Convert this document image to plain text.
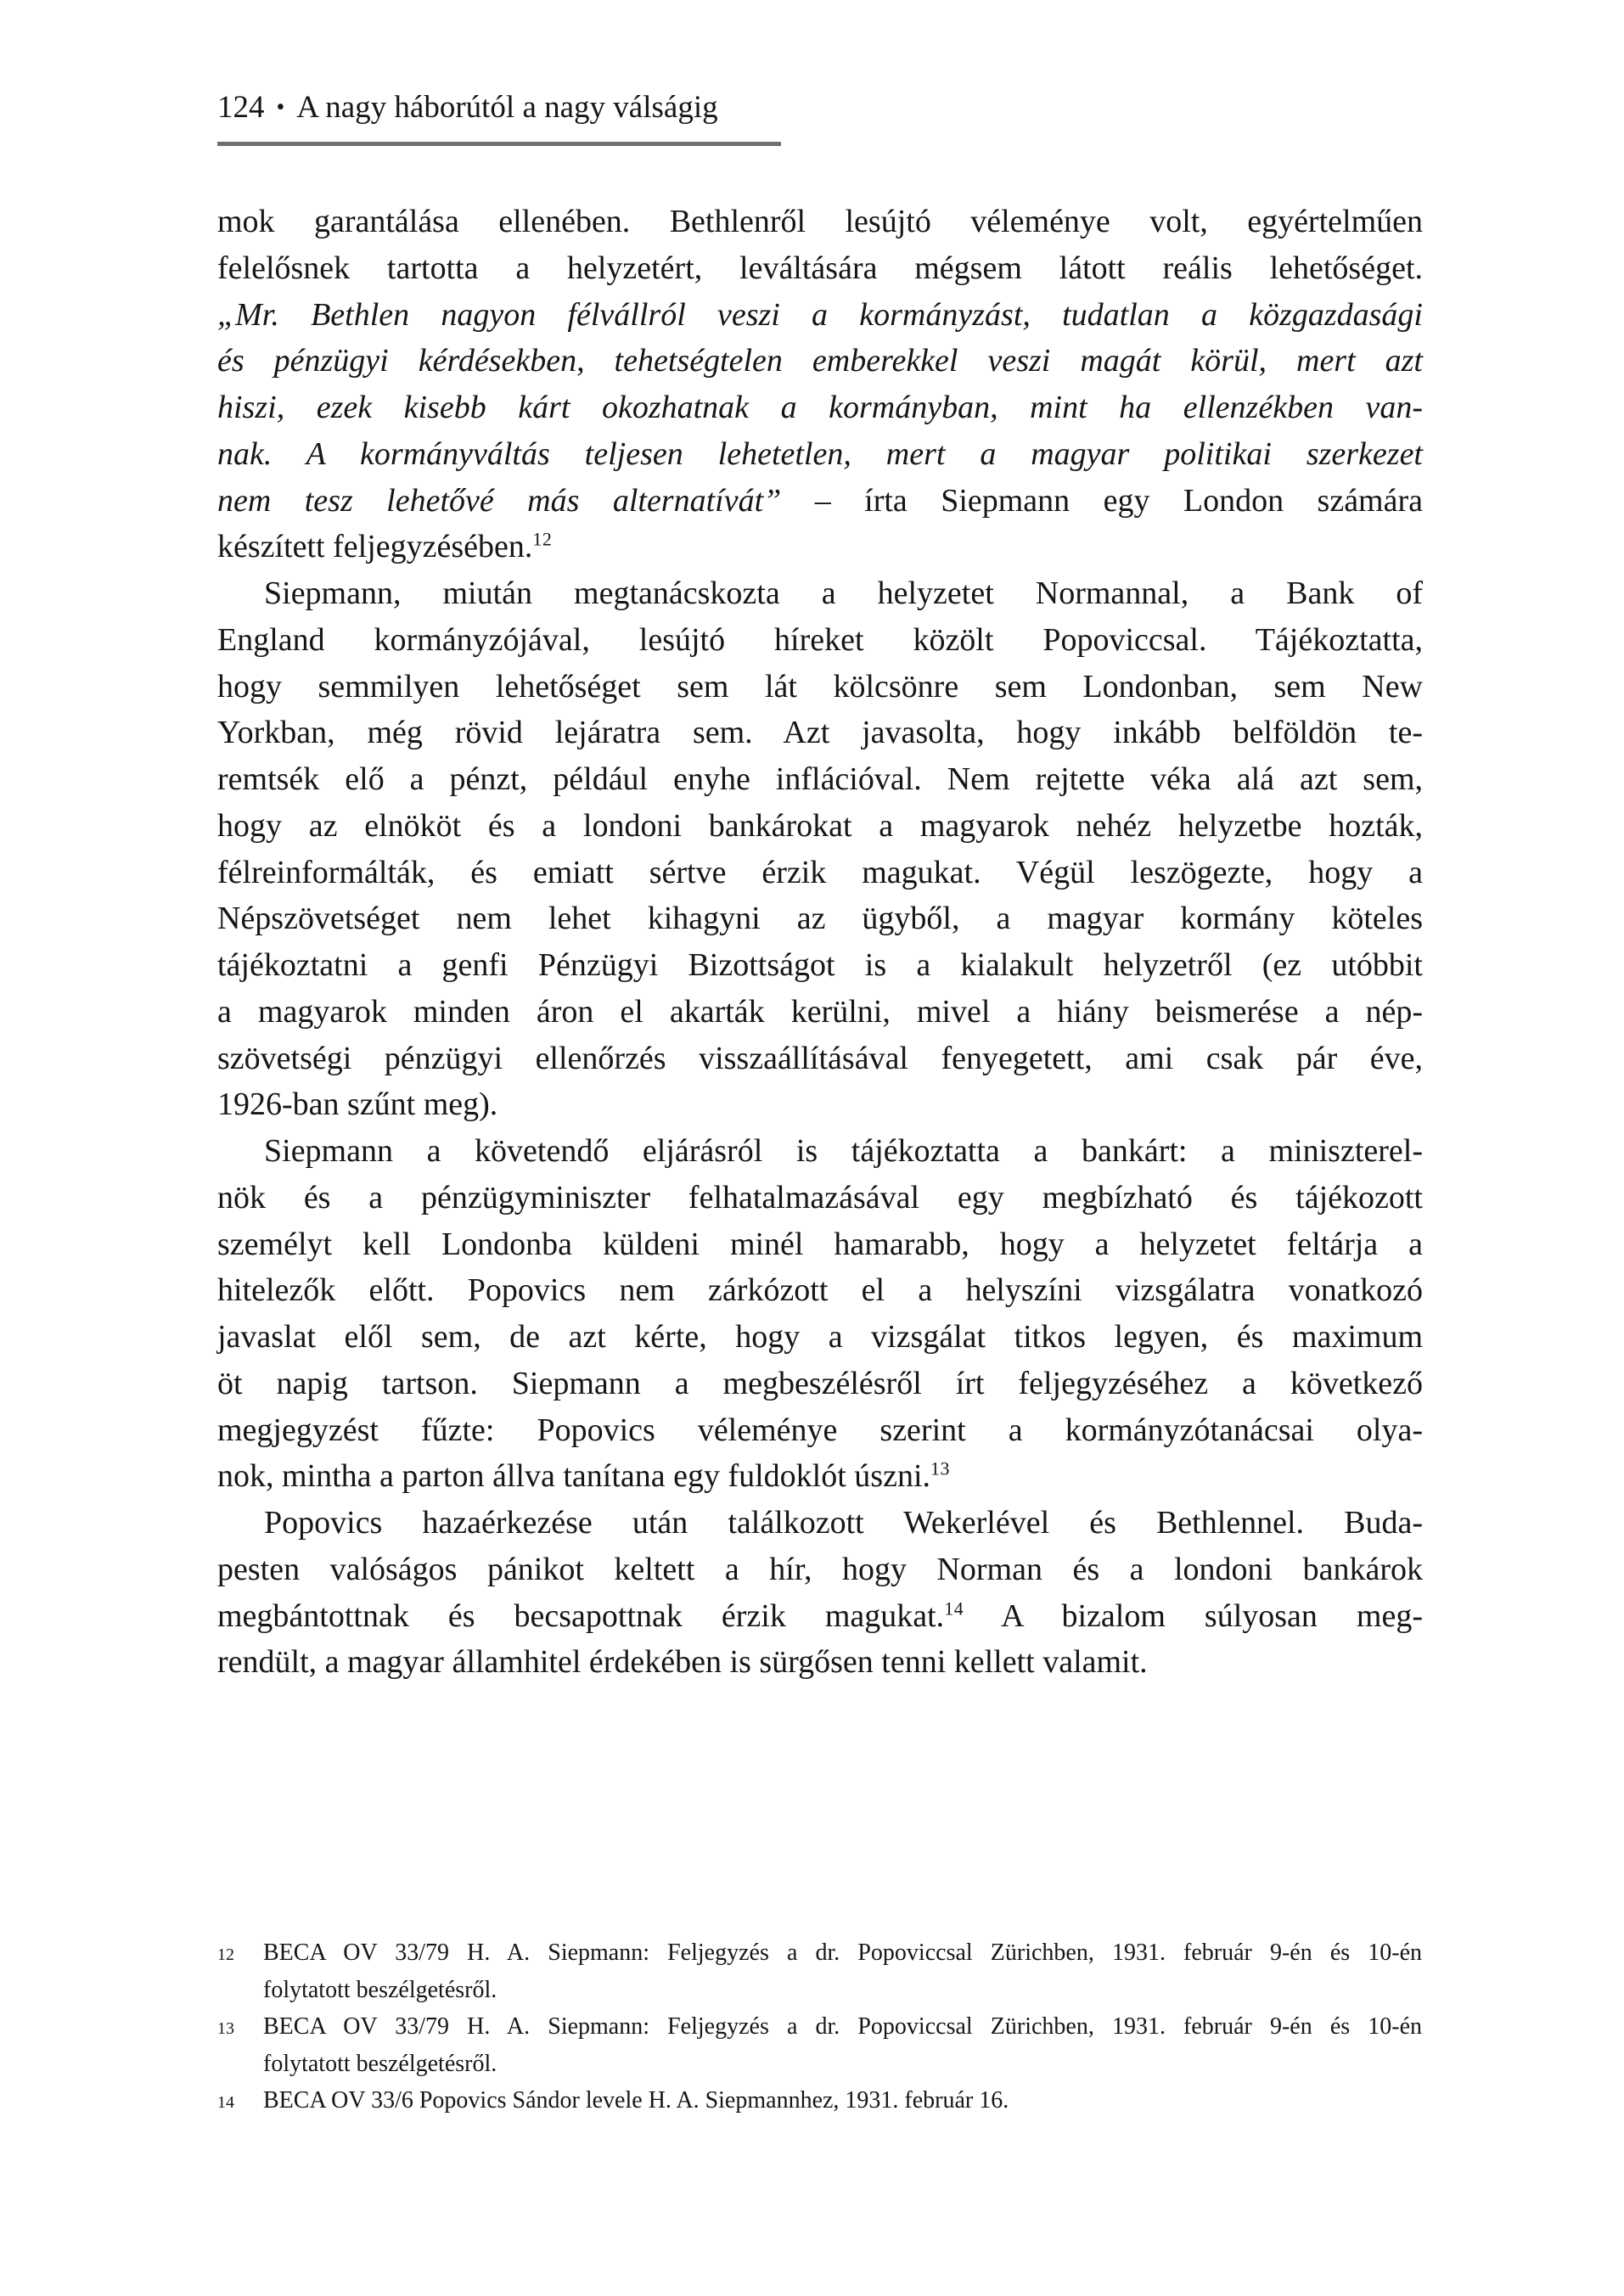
124 • A nagy háborútól a nagy válságig
mok garantálása ellenében. Bethlenről lesújtó véleménye volt, egyértelműen
felelősnek tartotta a helyzetért, leváltására mégsem látott reális lehetőséget.
„Mr. Bethlen nagyon félvállról veszi a kormányzást, tudatlan a közgazdasági
és pénzügyi kérdésekben, tehetségtelen emberekkel veszi magát körül, mert azt
hiszi, ezek kisebb kárt okozhatnak a kormányban, mint ha ellenzékben van-
nak. A kormányváltás teljesen lehetetlen, mert a magyar politikai szerkezet
nem tesz lehetővé más alternatívát” – írta Siepmann egy London számára
készített feljegyzésében.$^{12}$
Siepmann, miután megtanácskozta a helyzetet Normannal, a Bank of
England kormányzójával, lesújtó híreket közölt Popoviccsal. Tájékoztatta,
hogy semmilyen lehetőséget sem lát kölcsönre sem Londonban, sem New
Yorkban, még rövid lejáratra sem. Azt javasolta, hogy inkább belföldön te-
remtsék elő a pénzt, például enyhe inflációval. Nem rejtette véka alá azt sem,
hogy az elnököt és a londoni bankárokat a magyarok nehéz helyzetbe hozták,
félreinformálták, és emiatt sértve érzik magukat. Végül leszögezte, hogy a
Népszövetséget nem lehet kihagyni az ügyből, a magyar kormány köteles
tájékoztatni a genfi Pénzügyi Bizottságot is a kialakult helyzetről (ez utóbbit
a magyarok minden áron el akarták kerülni, mivel a hiány beismerése a nép-
szövetségi pénzügyi ellenőrzés visszaállításával fenyegetett, ami csak pár éve,
1926-ban szűnt meg).
Siepmann a követendő eljárásról is tájékoztatta a bankárt: a miniszterel-
nök és a pénzügyminiszter felhatalmazásával egy megbízható és tájékozott
személyt kell Londonba küldeni minél hamarabb, hogy a helyzetet feltárja a
hitelezők előtt. Popovics nem zárkózott el a helyszíni vizsgálatra vonatkozó
javaslat elől sem, de azt kérte, hogy a vizsgálat titkos legyen, és maximum
öt napig tartson. Siepmann a megbeszélésről írt feljegyzéséhez a következő
megjegyzést fűzte: Popovics véleménye szerint a kormányzótanácsai olya-
nok, mintha a parton állva tanítana egy fuldoklót úszni.$^{13}$
Popovics hazaérkezése után találkozott Wekerlével és Bethlennel. Buda-
pesten valóságos pánikot keltett a hír, hogy Norman és a londoni bankárok
megbántottnak és becsapottnak érzik magukat.$^{14}$ A bizalom súlyosan meg-
rendült, a magyar államhitel érdekében is sürgősen tenni kellett valamit.
12 BECA OV 33/79 H. A. Siepmann: Feljegyzés a dr. Popoviccsal Zürichben, 1931. február 9-én és 10-én
folytatott beszélgetésről.
13 BECA OV 33/79 H. A. Siepmann: Feljegyzés a dr. Popoviccsal Zürichben, 1931. február 9-én és 10-én
folytatott beszélgetésről.
14 BECA OV 33/6 Popovics Sándor levele H. A. Siepmannhez, 1931. február 16.
